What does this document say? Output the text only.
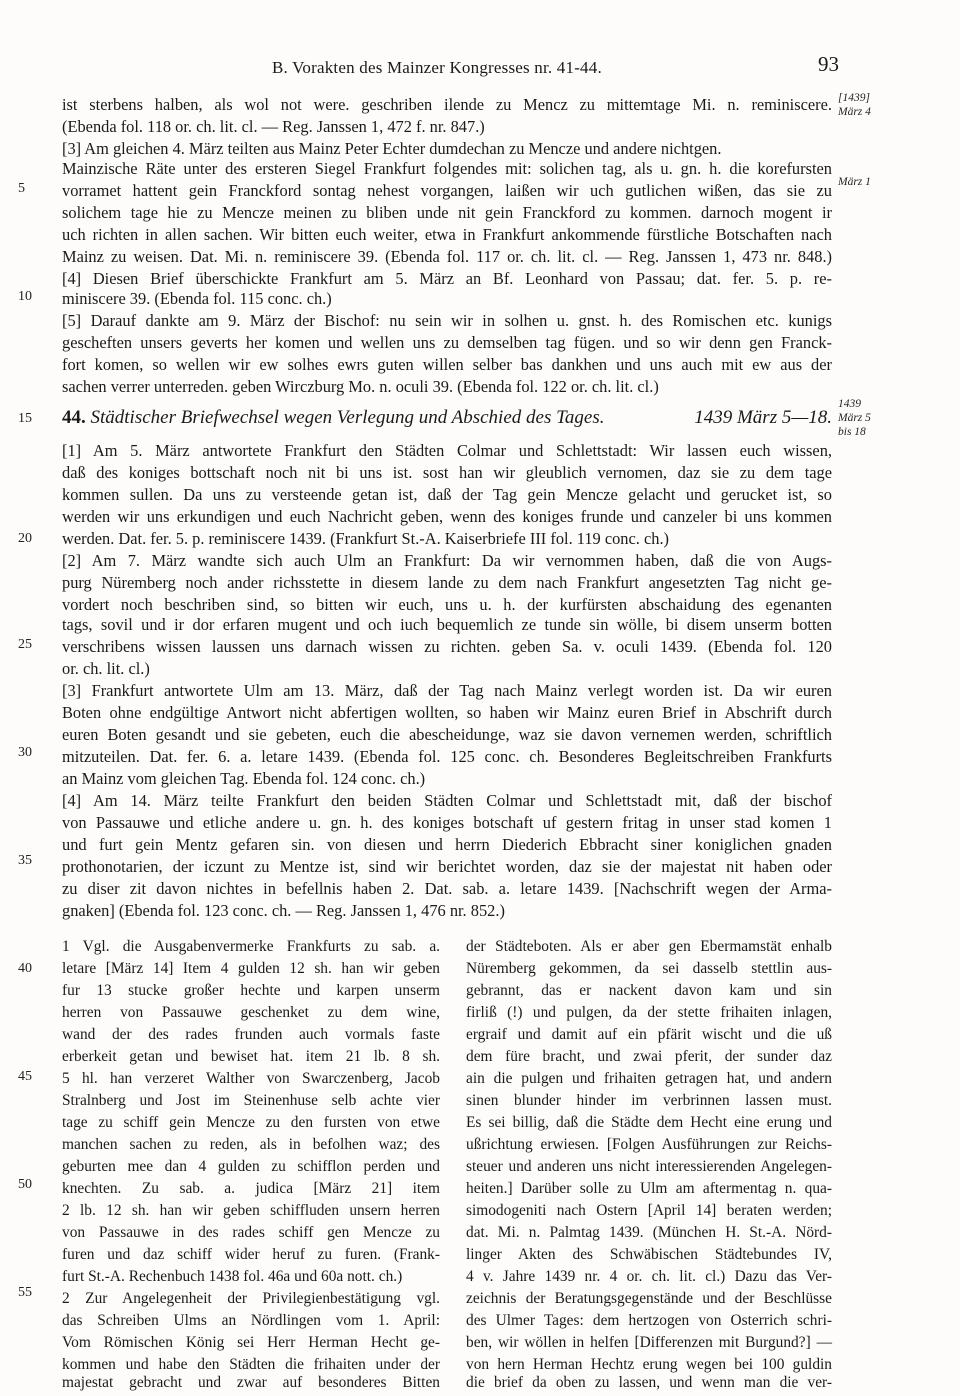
B. Vorakten des Mainzer Kongresses nr. 41-44.	93
[1439]
März 4
März 1
1439
März 5
bis 18
5
10
15
20
25
30
35
40
45
50
55
ist sterbens halben, als wol not were. geschriben ilende zu Mencz zu mittemtage Mi. n. reminiscere.
(Ebenda fol. 118 or. ch. lit. cl. — Reg. Janssen 1, 472 f. nr. 847.)
[3] Am gleichen 4. März teilten aus Mainz Peter Echter dumdechan zu Mencze und andere nichtgen.
Mainzische Räte unter des ersteren Siegel Frankfurt folgendes mit: solichen tag, als u. gn. h. die korefursten
vorramet hattent gein Franckford sontag nehest vorgangen, laißen wir uch gutlichen wißen, das sie zu
solichem tage hie zu Mencze meinen zu bliben unde nit gein Franckford zu kommen. darnoch mogent ir
uch richten in allen sachen. Wir bitten euch weiter, etwa in Frankfurt ankommende fürstliche Botschaften nach
Mainz zu weisen. Dat. Mi. n. reminiscere 39. (Ebenda fol. 117 or. ch. lit. cl. — Reg. Janssen 1, 473 nr. 848.)
[4] Diesen Brief überschickte Frankfurt am 5. März an Bf. Leonhard von Passau; dat. fer. 5. p. re-
miniscere 39. (Ebenda fol. 115 conc. ch.)
[5] Darauf dankte am 9. März der Bischof: nu sein wir in solhen u. gnst. h. des Romischen etc. kunigs
gescheften unsers geverts her komen und wellen uns zu demselben tag fügen. und so wir denn gen Franck-
fort komen, so wellen wir ew solhes ewrs guten willen selber bas dankhen und uns auch mit ew aus der
sachen verrer unterreden. geben Wirczburg Mo. n. oculi 39. (Ebenda fol. 122 or. ch. lit. cl.)
44. Städtischer Briefwechsel wegen Verlegung und Abschied des Tages.	1439 März 5—18.
[1] Am 5. März antwortete Frankfurt den Städten Colmar und Schlettstadt: Wir lassen euch wissen,
daß des koniges bottschaft noch nit bi uns ist. sost han wir gleublich vernomen, daz sie zu dem tage
kommen sullen. Da uns zu versteende getan ist, daß der Tag gein Mencze gelacht und gerucket ist, so
werden wir uns erkundigen und euch Nachricht geben, wenn des koniges frunde und canzeler bi uns kommen
werden. Dat. fer. 5. p. reminiscere 1439. (Frankfurt St.-A. Kaiserbriefe III fol. 119 conc. ch.)
[2] Am 7. März wandte sich auch Ulm an Frankfurt: Da wir vernommen haben, daß die von Augs-
purg Nüremberg noch ander richsstette in diesem lande zu dem nach Frankfurt angesetzten Tag nicht ge-
vordert noch beschriben sind, so bitten wir euch, uns u. h. der kurfürsten abschaidung des egenanten
tags, sovil und ir dor erfaren mugent und och iuch bequemlich ze tunde sin wölle, bi disem unserm botten
verschribens wissen laussen uns darnach wissen zu richten. geben Sa. v. oculi 1439. (Ebenda fol. 120
or. ch. lit. cl.)
[3] Frankfurt antwortete Ulm am 13. März, daß der Tag nach Mainz verlegt worden ist. Da wir euren
Boten ohne endgültige Antwort nicht abfertigen wollten, so haben wir Mainz euren Brief in Abschrift durch
euren Boten gesandt und sie gebeten, euch die abescheidunge, waz sie davon vernemen werden, schriftlich
mitzuteilen. Dat. fer. 6. a. letare 1439. (Ebenda fol. 125 conc. ch. Besonderes Begleitschreiben Frankfurts
an Mainz vom gleichen Tag. Ebenda fol. 124 conc. ch.)
[4] Am 14. März teilte Frankfurt den beiden Städten Colmar und Schlettstadt mit, daß der bischof
von Passauwe und etliche andere u. gn. h. des koniges botschaft uf gestern fritag in unser stad komen 1
und furt gein Mentz gefaren sin. von diesen und herrn Diederich Ebbracht siner koniglichen gnaden
prothonotarien, der iczunt zu Mentze ist, sind wir berichtet worden, daz sie der majestat nit haben oder
zu diser zit davon nichtes in befellnis haben 2. Dat. sab. a. letare 1439. [Nachschrift wegen der Arma-
gnaken] (Ebenda fol. 123 conc. ch. — Reg. Janssen 1, 476 nr. 852.)
1 Vgl. die Ausgabenvermerke Frankfurts zu sab. a.
letare [März 14] Item 4 gulden 12 sh. han wir geben
fur 13 stucke großer hechte und karpen unserm
herren von Passauwe geschenket zu dem wine,
wand der des rades frunden auch vormals faste
erberkeit getan und bewiset hat. item 21 lb. 8 sh.
5 hl. han verzeret Walther von Swarczenberg, Jacob
Stralnberg und Jost im Steinenhuse selb achte vier
tage zu schiff gein Mencze zu den fursten von etwe
manchen sachen zu reden, als in befolhen waz; des
geburten mee dan 4 gulden zu schifflon perden und
knechten. Zu sab. a. judica [März 21] item
2 lb. 12 sh. han wir geben schiffluden unsern herren
von Passauwe in des rades schiff gen Mencze zu
furen und daz schiff wider heruf zu furen. (Frank-
furt St.-A. Rechenbuch 1438 fol. 46a und 60a nott. ch.)
2 Zur Angelegenheit der Privilegienbestätigung vgl.
das Schreiben Ulms an Nördlingen vom 1. April:
Vom Römischen König sei Herr Herman Hecht ge-
kommen und habe den Städten die frihaiten under der
majestat gebracht und zwar auf besonderes Bitten
der Städteboten. Als er aber gen Ebermamstät enhalb
Nüremberg gekommen, da sei dasselb stettlin aus-
gebrannt, das er nackent davon kam und sin
firliß (!) und pulgen, da der stette frihaiten inlagen,
ergraif und damit auf ein pfärit wischt und die uß
dem füre bracht, und zwai pferit, der sunder daz
ain die pulgen und frihaiten getragen hat, und andern
sinen blunder hinder im verbrinnen lassen must.
Es sei billig, daß die Städte dem Hecht eine erung und
ußrichtung erwiesen. [Folgen Ausführungen zur Reichs-
steuer und anderen uns nicht interessierenden Angelegen-
heiten.] Darüber solle zu Ulm am aftermentag n. qua-
simodogeniti nach Ostern [April 14] beraten werden;
dat. Mi. n. Palmtag 1439. (München H. St.-A. Nörd-
linger Akten des Schwäbischen Städtebundes IV,
4 v. Jahre 1439 nr. 4 or. ch. lit. cl.) Dazu das Ver-
zeichnis der Beratungsgegenstände und der Beschlüsse
des Ulmer Tages: dem hertzogen von Osterrich schri-
ben, wir wöllen in helfen [Differenzen mit Burgund?] —
von hern Herman Hechtz erung wegen bei 100 guldin
die brief da oben zu lassen, und wenn man die ver-
